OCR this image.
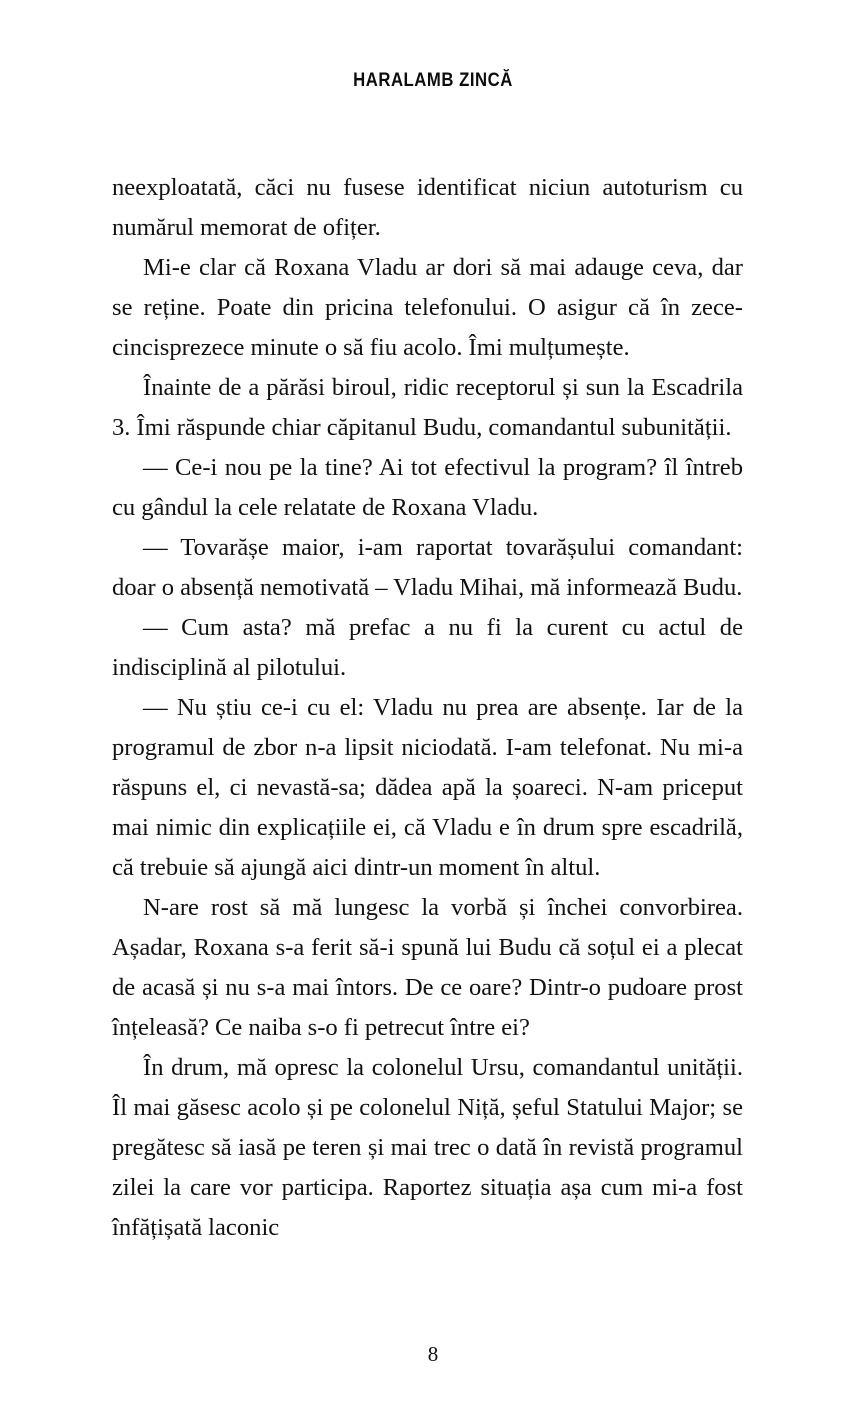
HARALAMB ZINCĂ

neexploatată, căci nu fusese identificat niciun autoturism cu numărul memorat de ofițer.

Mi-e clar că Roxana Vladu ar dori să mai adauge ceva, dar se reține. Poate din pricina telefonului. O asigur că în zece-cincisprezece minute o să fiu acolo. Îmi mulțumește.

Înainte de a părăsi biroul, ridic receptorul și sun la Escadrila 3. Îmi răspunde chiar căpitanul Budu, comandantul subunității.

— Ce-i nou pe la tine? Ai tot efectivul la program? îl întreb cu gândul la cele relatate de Roxana Vladu.

— Tovarășe maior, i-am raportat tovarășului comandant: doar o absență nemotivată – Vladu Mihai, mă informează Budu.

— Cum asta? mă prefac a nu fi la curent cu actul de indisciplină al pilotului.

— Nu știu ce-i cu el: Vladu nu prea are absențe. Iar de la programul de zbor n-a lipsit niciodată. I-am telefonat. Nu mi-a răspuns el, ci nevastă-sa; dădea apă la șoareci. N-am priceput mai nimic din explicațiile ei, că Vladu e în drum spre escadrilă, că trebuie să ajungă aici dintr-un moment în altul.

N-are rost să mă lungesc la vorbă și închei convorbirea. Așadar, Roxana s-a ferit să-i spună lui Budu că soțul ei a plecat de acasă și nu s-a mai întors. De ce oare? Dintr-o pudoare prost înțeleasă? Ce naiba s-o fi petrecut între ei?

În drum, mă opresc la colonelul Ursu, comandantul unității. Îl mai găsesc acolo și pe colonelul Niță, șeful Statului Major; se pregătesc să iasă pe teren și mai trec o dată în revistă programul zilei la care vor participa. Raportez situația așa cum mi-a fost înfățișată laconic

8
